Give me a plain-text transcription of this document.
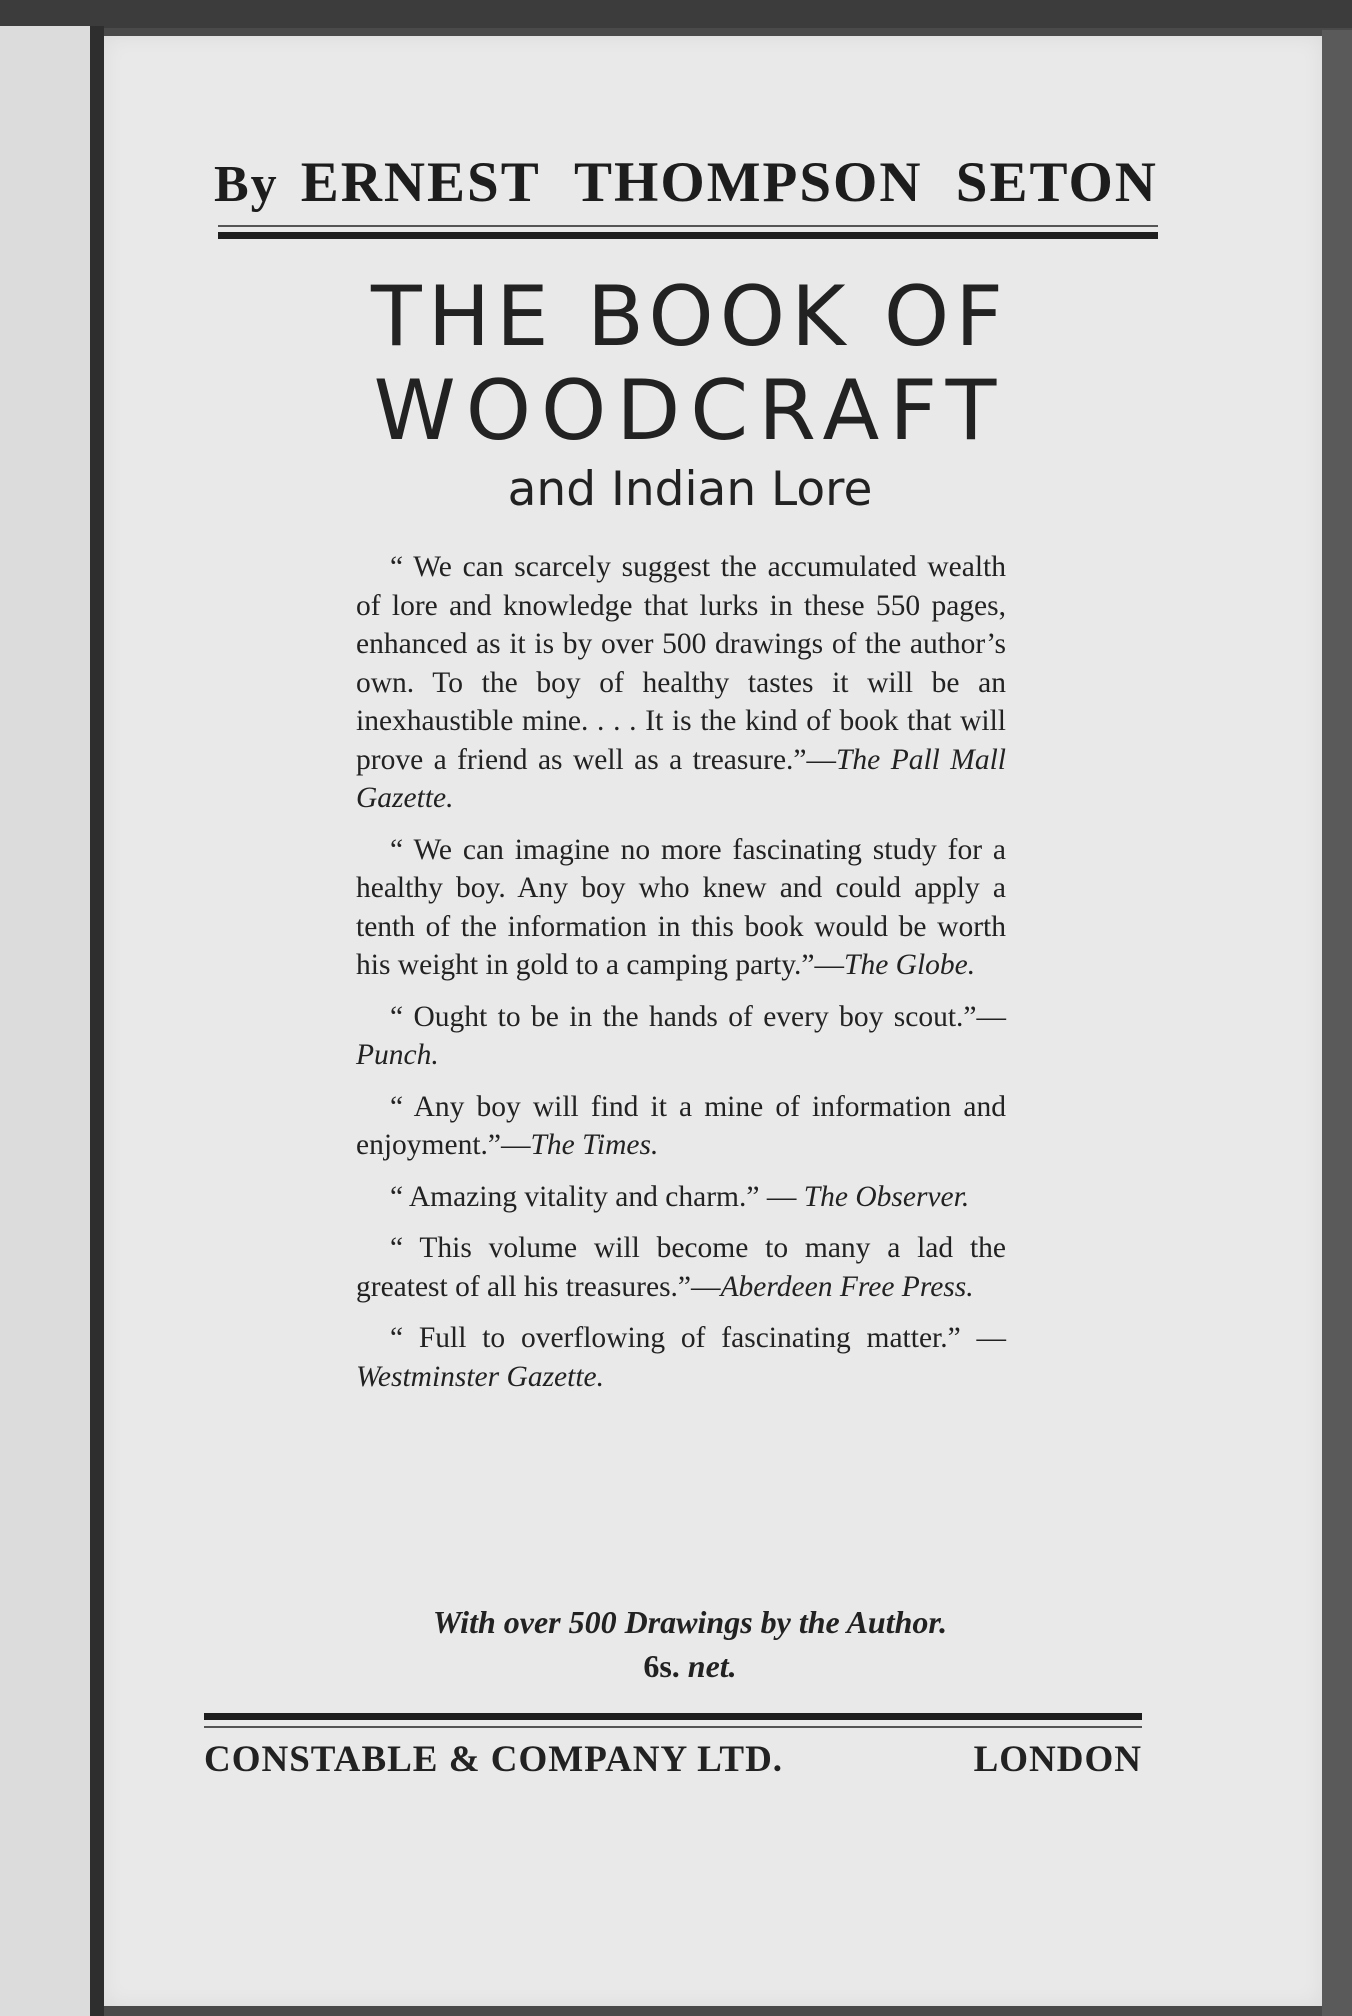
By ERNEST THOMPSON SETON
THE BOOK OF
WOODCRAFT
and Indian Lore

“ We can scarcely suggest the accumulated wealth of lore and knowledge that lurks in these 550 pages, enhanced as it is by over 500 drawings of the author’s own. To the boy of healthy tastes it will be an inexhaustible mine. . . . It is the kind of book that will prove a friend as well as a treasure.”—The Pall Mall Gazette.

“ We can imagine no more fascinating study for a healthy boy. Any boy who knew and could apply a tenth of the information in this book would be worth his weight in gold to a camping party.”—The Globe.

“ Ought to be in the hands of every boy scout.”—Punch.

“ Any boy will find it a mine of information and enjoyment.”—The Times.

“ Amazing vitality and charm.” — The Observer.

“ This volume will become to many a lad the greatest of all his treasures.”—Aberdeen Free Press.

“ Full to overflowing of fascinating matter.” —Westminster Gazette.

With over 500 Drawings by the Author.
6s. net.
CONSTABLE & COMPANY LTD.	LONDON
